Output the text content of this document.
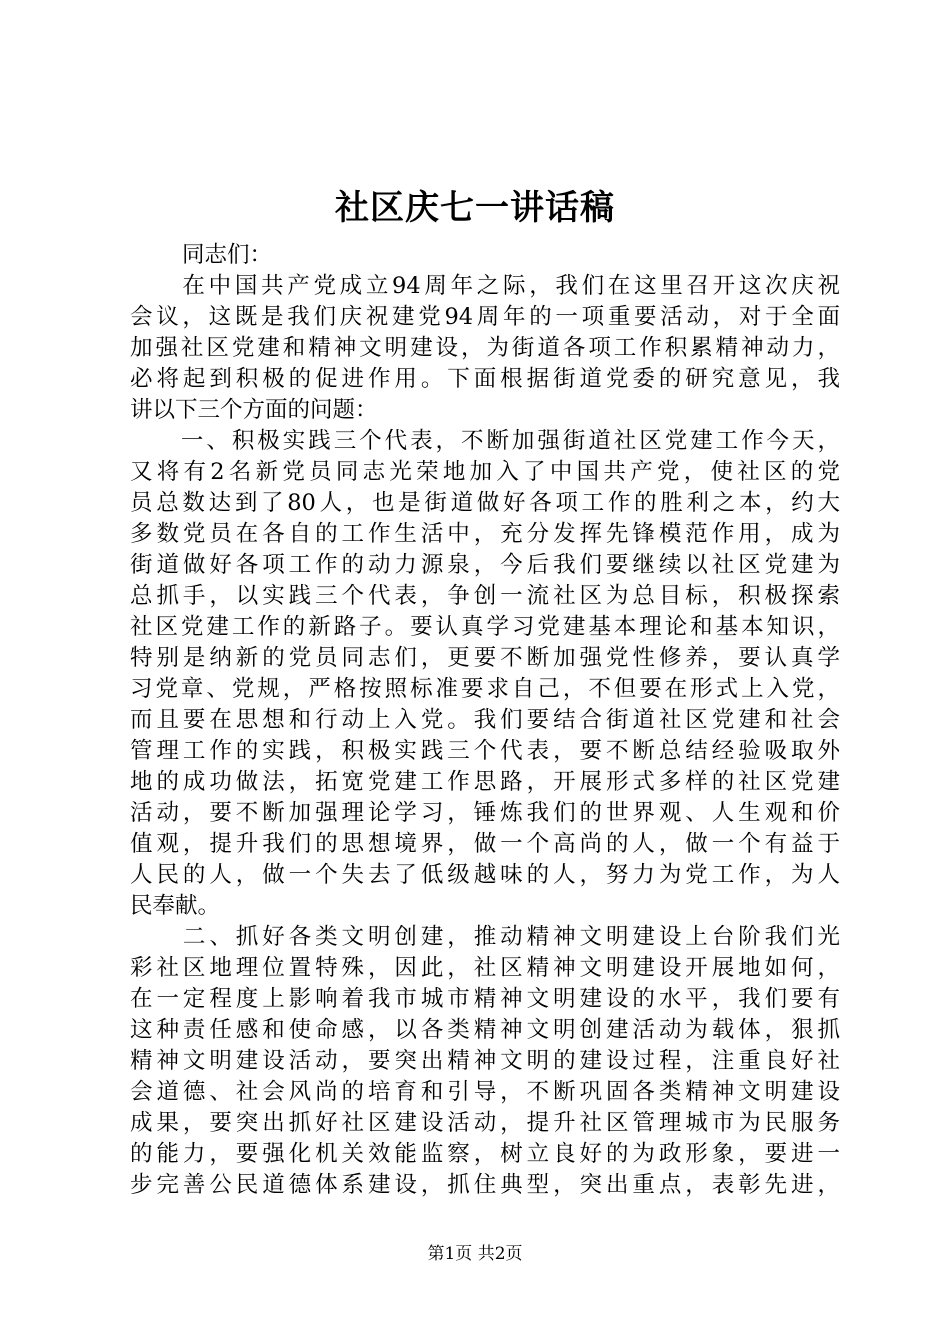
社区庆七一讲话稿
同志们：
　　在中国共产党成立94周年之际，我们在这里召开这次庆祝
会议，这既是我们庆祝建党94周年的一项重要活动，对于全面
加强社区党建和精神文明建设，为街道各项工作积累精神动力，
必将起到积极的促进作用。下面根据街道党委的研究意见，我
讲以下三个方面的问题：
　　一、积极实践三个代表，不断加强街道社区党建工作今天，
又将有2名新党员同志光荣地加入了中国共产党，使社区的党
员总数达到了80人，也是街道做好各项工作的胜利之本，约大
多数党员在各自的工作生活中，充分发挥先锋模范作用，成为
街道做好各项工作的动力源泉，今后我们要继续以社区党建为
总抓手，以实践三个代表，争创一流社区为总目标，积极探索
社区党建工作的新路子。要认真学习党建基本理论和基本知识，
特别是纳新的党员同志们，更要不断加强党性修养，要认真学
习党章、党规，严格按照标准要求自己，不但要在形式上入党，
而且要在思想和行动上入党。我们要结合街道社区党建和社会
管理工作的实践，积极实践三个代表，要不断总结经验吸取外
地的成功做法，拓宽党建工作思路，开展形式多样的社区党建
活动，要不断加强理论学习，锤炼我们的世界观、人生观和价
值观，提升我们的思想境界，做一个高尚的人，做一个有益于
人民的人，做一个失去了低级越味的人，努力为党工作，为人
民奉献。
　　二、抓好各类文明创建，推动精神文明建设上台阶我们光
彩社区地理位置特殊，因此，社区精神文明建设开展地如何，
在一定程度上影响着我市城市精神文明建设的水平，我们要有
这种责任感和使命感，以各类精神文明创建活动为载体，狠抓
精神文明建设活动，要突出精神文明的建设过程，注重良好社
会道德、社会风尚的培育和引导，不断巩固各类精神文明建设
成果，要突出抓好社区建设活动，提升社区管理城市为民服务
的能力，要强化机关效能监察，树立良好的为政形象，要进一
步完善公民道德体系建设，抓住典型，突出重点，表彰先进，
第1页 共2页
